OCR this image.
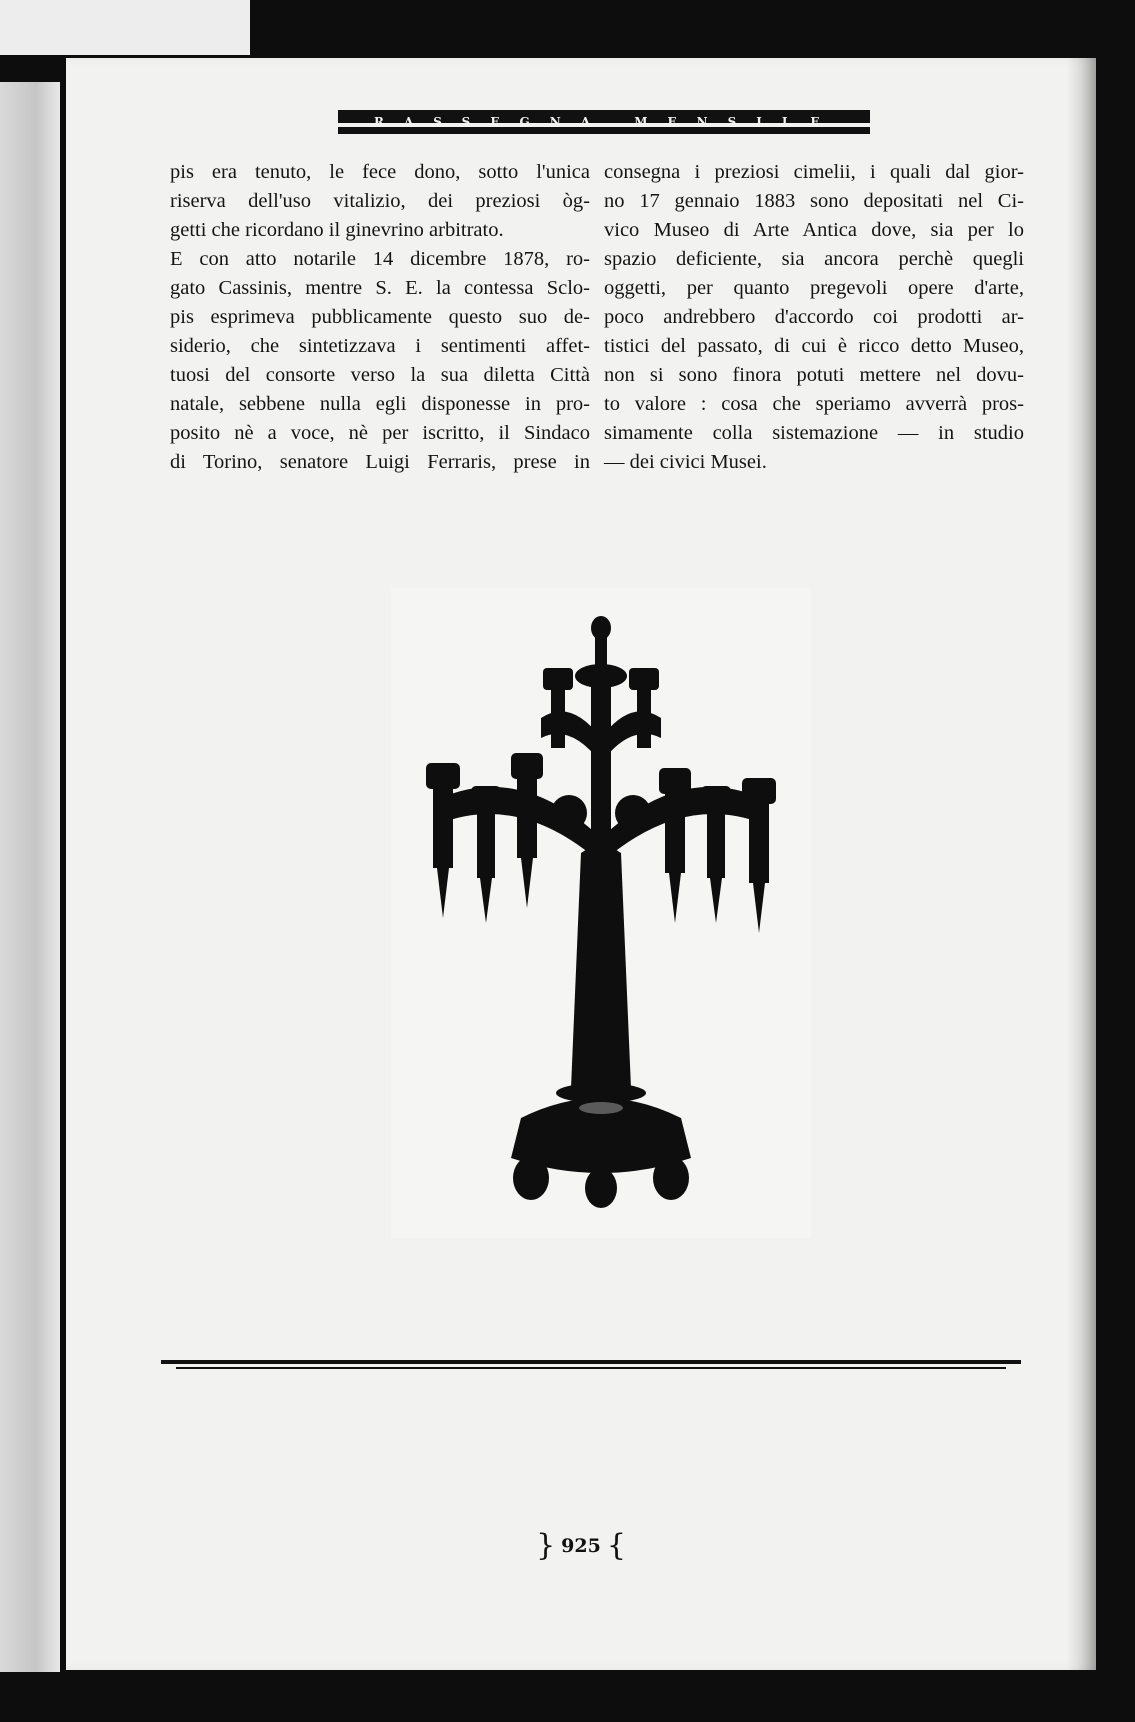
RASSEGNA MENSILE

pis era tenuto, le fece dono, sotto l'unica

riserva dell'uso vitalizio, dei preziosi òg-

getti che ricordano il ginevrino arbitrato.

E con atto notarile 14 dicembre 1878, ro-

gato Cassinis, mentre S. E. la contessa Sclo-

pis esprimeva pubblicamente questo suo de-

siderio, che sintetizzava i sentimenti affet-

tuosi del consorte verso la sua diletta Città

natale, sebbene nulla egli disponesse in pro-

posito nè a voce, nè per iscritto, il Sindaco

di Torino, senatore Luigi Ferraris, prese in

consegna i preziosi cimelii, i quali dal gior-

no 17 gennaio 1883 sono depositati nel Ci-

vico Museo di Arte Antica dove, sia per lo

spazio deficiente, sia ancora perchè quegli

oggetti, per quanto pregevoli opere d'arte,

poco andrebbero d'accordo coi prodotti ar-

tistici del passato, di cui è ricco detto Museo,

non si sono finora potuti mettere nel dovu-

to valore : cosa che speriamo avverrà pros-

simamente colla sistemazione — in studio

— dei civici Musei.

} 925 {
